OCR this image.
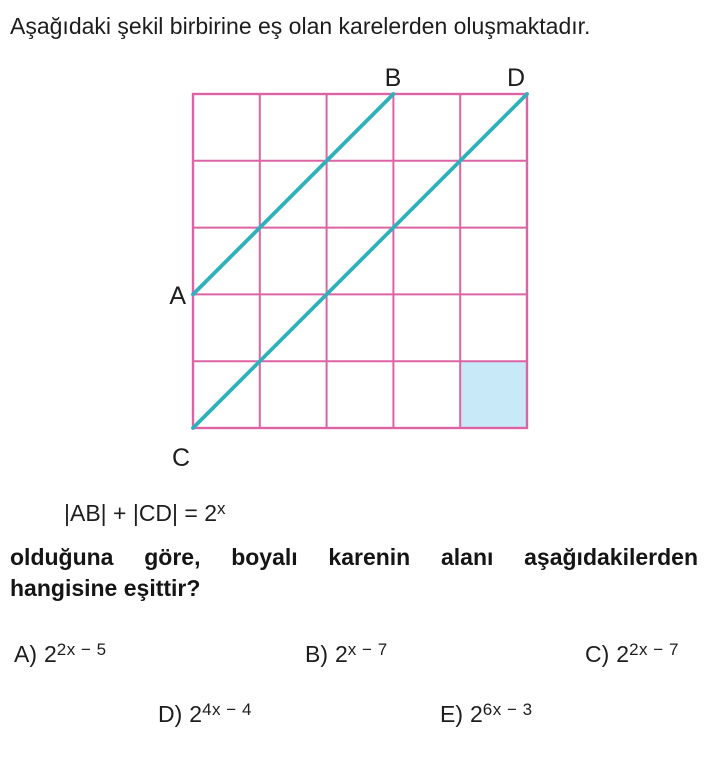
Aşağıdaki şekil birbirine eş olan karelerden oluşmaktadır.
B	D
A
C
$|AB| + |CD| = 2^x$
olduğuna göre, boyalı karenin alanı aşağıdakilerden
hangisine eşittir?
A) $2^{2x - 5}$	B) $2^{x - 7}$	C) $2^{2x - 7}$
D) $2^{4x - 4}$	E) $2^{6x - 3}$
